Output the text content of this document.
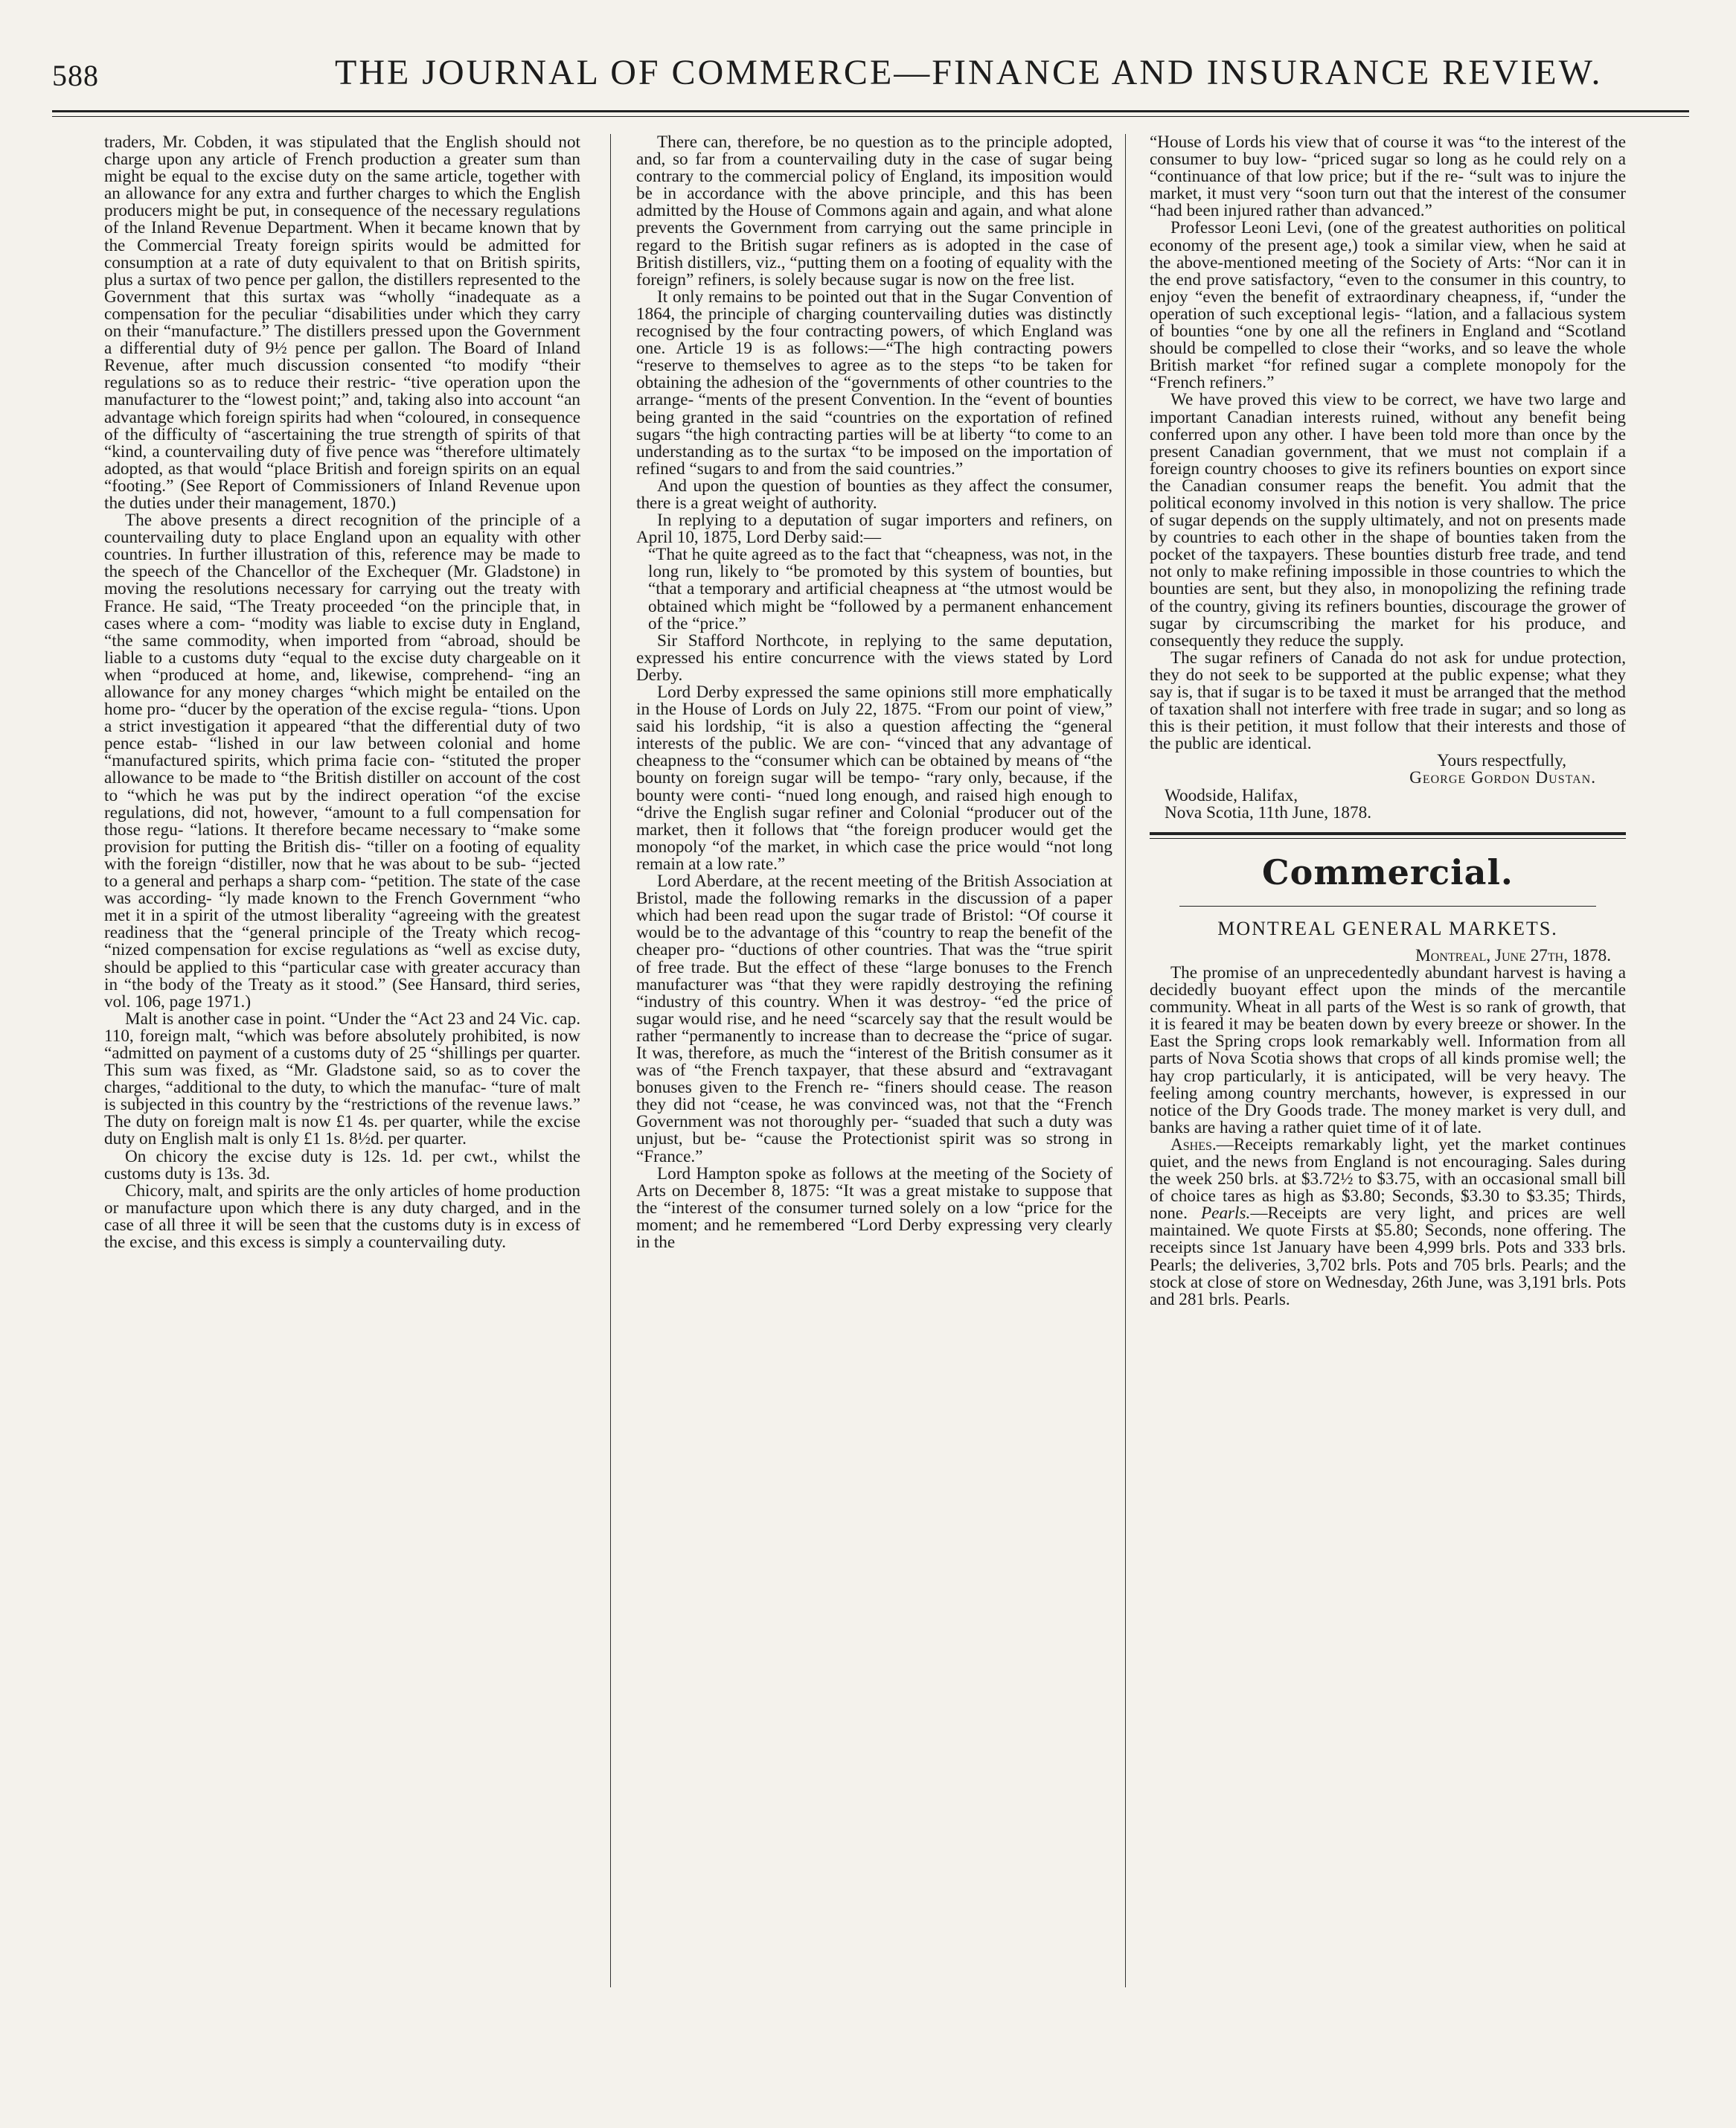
588	THE JOURNAL OF COMMERCE—FINANCE AND INSURANCE REVIEW.

traders, Mr. Cobden, it was stipulated that the English should not charge upon any article of French production a greater sum than might be equal to the excise duty on the same article, together with an allowance for any extra and further charges to which the English producers might be put, in consequence of the necessary regulations of the Inland Revenue Department. When it became known that by the Commercial Treaty foreign spirits would be admitted for consumption at a rate of duty equivalent to that on British spirits, plus a surtax of two pence per gallon, the distillers represented to the Government that this surtax was “wholly “inadequate as a compensation for the peculiar “disabilities under which they carry on their “manufacture.” The distillers pressed upon the Government a differential duty of 9½ pence per gallon. The Board of Inland Revenue, after much discussion consented “to modify “their regulations so as to reduce their restric- “tive operation upon the manufacturer to the “lowest point;” and, taking also into account “an advantage which foreign spirits had when “coloured, in consequence of the difficulty of “ascertaining the true strength of spirits of that “kind, a countervailing duty of five pence was “therefore ultimately adopted, as that would “place British and foreign spirits on an equal “footing.” (See Report of Commissioners of Inland Revenue upon the duties under their management, 1870.)

The above presents a direct recognition of the principle of a countervailing duty to place England upon an equality with other countries. In further illustration of this, reference may be made to the speech of the Chancellor of the Exchequer (Mr. Gladstone) in moving the resolutions necessary for carrying out the treaty with France. He said, “The Treaty proceeded “on the principle that, in cases where a com- “modity was liable to excise duty in England, “the same commodity, when imported from “abroad, should be liable to a customs duty “equal to the excise duty chargeable on it when “produced at home, and, likewise, comprehend- “ing an allowance for any money charges “which might be entailed on the home pro- “ducer by the operation of the excise regula- “tions. Upon a strict investigation it appeared “that the differential duty of two pence estab- “lished in our law between colonial and home “manufactured spirits, which prima facie con- “stituted the proper allowance to be made to “the British distiller on account of the cost to “which he was put by the indirect operation “of the excise regulations, did not, however, “amount to a full compensation for those regu- “lations. It therefore became necessary to “make some provision for putting the British dis- “tiller on a footing of equality with the foreign “distiller, now that he was about to be sub- “jected to a general and perhaps a sharp com- “petition. The state of the case was according- “ly made known to the French Government “who met it in a spirit of the utmost liberality “agreeing with the greatest readiness that the “general principle of the Treaty which recog- “nized compensation for excise regulations as “well as excise duty, should be applied to this “particular case with greater accuracy than in “the body of the Treaty as it stood.” (See Hansard, third series, vol. 106, page 1971.)

Malt is another case in point. “Under the “Act 23 and 24 Vic. cap. 110, foreign malt, “which was before absolutely prohibited, is now “admitted on payment of a customs duty of 25 “shillings per quarter. This sum was fixed, as “Mr. Gladstone said, so as to cover the charges, “additional to the duty, to which the manufac- “ture of malt is subjected in this country by the “restrictions of the revenue laws.” The duty on foreign malt is now £1 4s. per quarter, while the excise duty on English malt is only £1 1s. 8½d. per quarter.

On chicory the excise duty is 12s. 1d. per cwt., whilst the customs duty is 13s. 3d.

Chicory, malt, and spirits are the only articles of home production or manufacture upon which there is any duty charged, and in the case of all three it will be seen that the customs duty is in excess of the excise, and this excess is simply a countervailing duty.

There can, therefore, be no question as to the principle adopted, and, so far from a countervailing duty in the case of sugar being contrary to the commercial policy of England, its imposition would be in accordance with the above principle, and this has been admitted by the House of Commons again and again, and what alone prevents the Government from carrying out the same principle in regard to the British sugar refiners as is adopted in the case of British distillers, viz., “putting them on a footing of equality with the foreign” refiners, is solely because sugar is now on the free list.

It only remains to be pointed out that in the Sugar Convention of 1864, the principle of charging countervailing duties was distinctly recognised by the four contracting powers, of which England was one. Article 19 is as follows:—“The high contracting powers “reserve to themselves to agree as to the steps “to be taken for obtaining the adhesion of the “governments of other countries to the arrange- “ments of the present Convention. In the “event of bounties being granted in the said “countries on the exportation of refined sugars “the high contracting parties will be at liberty “to come to an understanding as to the surtax “to be imposed on the importation of refined “sugars to and from the said countries.”

And upon the question of bounties as they affect the consumer, there is a great weight of authority.

In replying to a deputation of sugar importers and refiners, on April 10, 1875, Lord Derby said:—

“That he quite agreed as to the fact that “cheapness, was not, in the long run, likely to “be promoted by this system of bounties, but “that a temporary and artificial cheapness at “the utmost would be obtained which might be “followed by a permanent enhancement of the “price.”

Sir Stafford Northcote, in replying to the same deputation, expressed his entire concurrence with the views stated by Lord Derby.

Lord Derby expressed the same opinions still more emphatically in the House of Lords on July 22, 1875. “From our point of view,” said his lordship, “it is also a question affecting the “general interests of the public. We are con- “vinced that any advantage of cheapness to the “consumer which can be obtained by means of “the bounty on foreign sugar will be tempo- “rary only, because, if the bounty were conti- “nued long enough, and raised high enough to “drive the English sugar refiner and Colonial “producer out of the market, then it follows that “the foreign producer would get the monopoly “of the market, in which case the price would “not long remain at a low rate.”

Lord Aberdare, at the recent meeting of the British Association at Bristol, made the following remarks in the discussion of a paper which had been read upon the sugar trade of Bristol: “Of course it would be to the advantage of this “country to reap the benefit of the cheaper pro- “ductions of other countries. That was the “true spirit of free trade. But the effect of these “large bonuses to the French manufacturer was “that they were rapidly destroying the refining “industry of this country. When it was destroy- “ed the price of sugar would rise, and he need “scarcely say that the result would be rather “permanently to increase than to decrease the “price of sugar. It was, therefore, as much the “interest of the British consumer as it was of “the French taxpayer, that these absurd and “extravagant bonuses given to the French re- “finers should cease. The reason they did not “cease, he was convinced was, not that the “French Government was not thoroughly per- “suaded that such a duty was unjust, but be- “cause the Protectionist spirit was so strong in “France.”

Lord Hampton spoke as follows at the meeting of the Society of Arts on December 8, 1875: “It was a great mistake to suppose that the “interest of the consumer turned solely on a low “price for the moment; and he remembered “Lord Derby expressing very clearly in the

“House of Lords his view that of course it was “to the interest of the consumer to buy low- “priced sugar so long as he could rely on a “continuance of that low price; but if the re- “sult was to injure the market, it must very “soon turn out that the interest of the consumer “had been injured rather than advanced.”

Professor Leoni Levi, (one of the greatest authorities on political economy of the present age,) took a similar view, when he said at the above-mentioned meeting of the Society of Arts: “Nor can it in the end prove satisfactory, “even to the consumer in this country, to enjoy “even the benefit of extraordinary cheapness, if, “under the operation of such exceptional legis- “lation, and a fallacious system of bounties “one by one all the refiners in England and “Scotland should be compelled to close their “works, and so leave the whole British market “for refined sugar a complete monopoly for the “French refiners.”

We have proved this view to be correct, we have two large and important Canadian interests ruined, without any benefit being conferred upon any other. I have been told more than once by the present Canadian government, that we must not complain if a foreign country chooses to give its refiners bounties on export since the Canadian consumer reaps the benefit. You admit that the political economy involved in this notion is very shallow. The price of sugar depends on the supply ultimately, and not on presents made by countries to each other in the shape of bounties taken from the pocket of the taxpayers. These bounties disturb free trade, and tend not only to make refining impossible in those countries to which the bounties are sent, but they also, in monopolizing the refining trade of the country, giving its refiners bounties, discourage the grower of sugar by circumscribing the market for his produce, and consequently they reduce the supply.

The sugar refiners of Canada do not ask for undue protection, they do not seek to be supported at the public expense; what they say is, that if sugar is to be taxed it must be arranged that the method of taxation shall not interfere with free trade in sugar; and so long as this is their petition, it must follow that their interests and those of the public are identical.

Yours respectfully,

George Gordon Dustan.

Woodside, Halifax,

Nova Scotia, 11th June, 1878.

Commercial.
MONTREAL GENERAL MARKETS.

Montreal, June 27th, 1878.

The promise of an unprecedentedly abundant harvest is having a decidedly buoyant effect upon the minds of the mercantile community. Wheat in all parts of the West is so rank of growth, that it is feared it may be beaten down by every breeze or shower. In the East the Spring crops look remarkably well. Information from all parts of Nova Scotia shows that crops of all kinds promise well; the hay crop particularly, it is anticipated, will be very heavy. The feeling among country merchants, however, is expressed in our notice of the Dry Goods trade. The money market is very dull, and banks are having a rather quiet time of it of late.

Ashes.—Receipts remarkably light, yet the market continues quiet, and the news from England is not encouraging. Sales during the week 250 brls. at $3.72½ to $3.75, with an occasional small bill of choice tares as high as $3.80; Seconds, $3.30 to $3.35; Thirds, none. Pearls.—Receipts are very light, and prices are well maintained. We quote Firsts at $5.80; Seconds, none offering. The receipts since 1st January have been 4,999 brls. Pots and 333 brls. Pearls; the deliveries, 3,702 brls. Pots and 705 brls. Pearls; and the stock at close of store on Wednesday, 26th June, was 3,191 brls. Pots and 281 brls. Pearls.
